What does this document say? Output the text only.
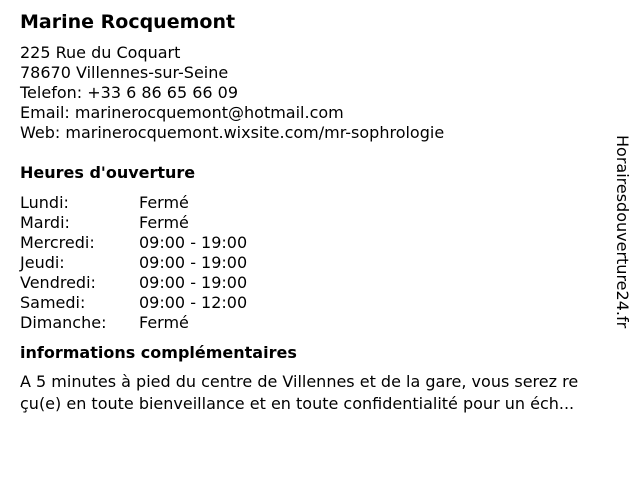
Marine Rocquemont
225 Rue du Coquart
78670 Villennes-sur-Seine
Telefon: +33 6 86 65 66 09
Email: marinerocquemont@hotmail.com
Web: marinerocquemont.wixsite.com/mr-sophrologie
Heures d'ouverture
Lundi:	Fermé
Mardi:	Fermé
Mercredi:	09:00 - 19:00
Jeudi:	09:00 - 19:00
Vendredi:	09:00 - 19:00
Samedi:	09:00 - 12:00
Dimanche:	Fermé
informations complémentaires
A 5 minutes à pied du centre de Villennes et de la gare, vous serez re
çu(e) en toute bienveillance et en toute confidentialité pour un éch...
Horairesdouverture24.fr
